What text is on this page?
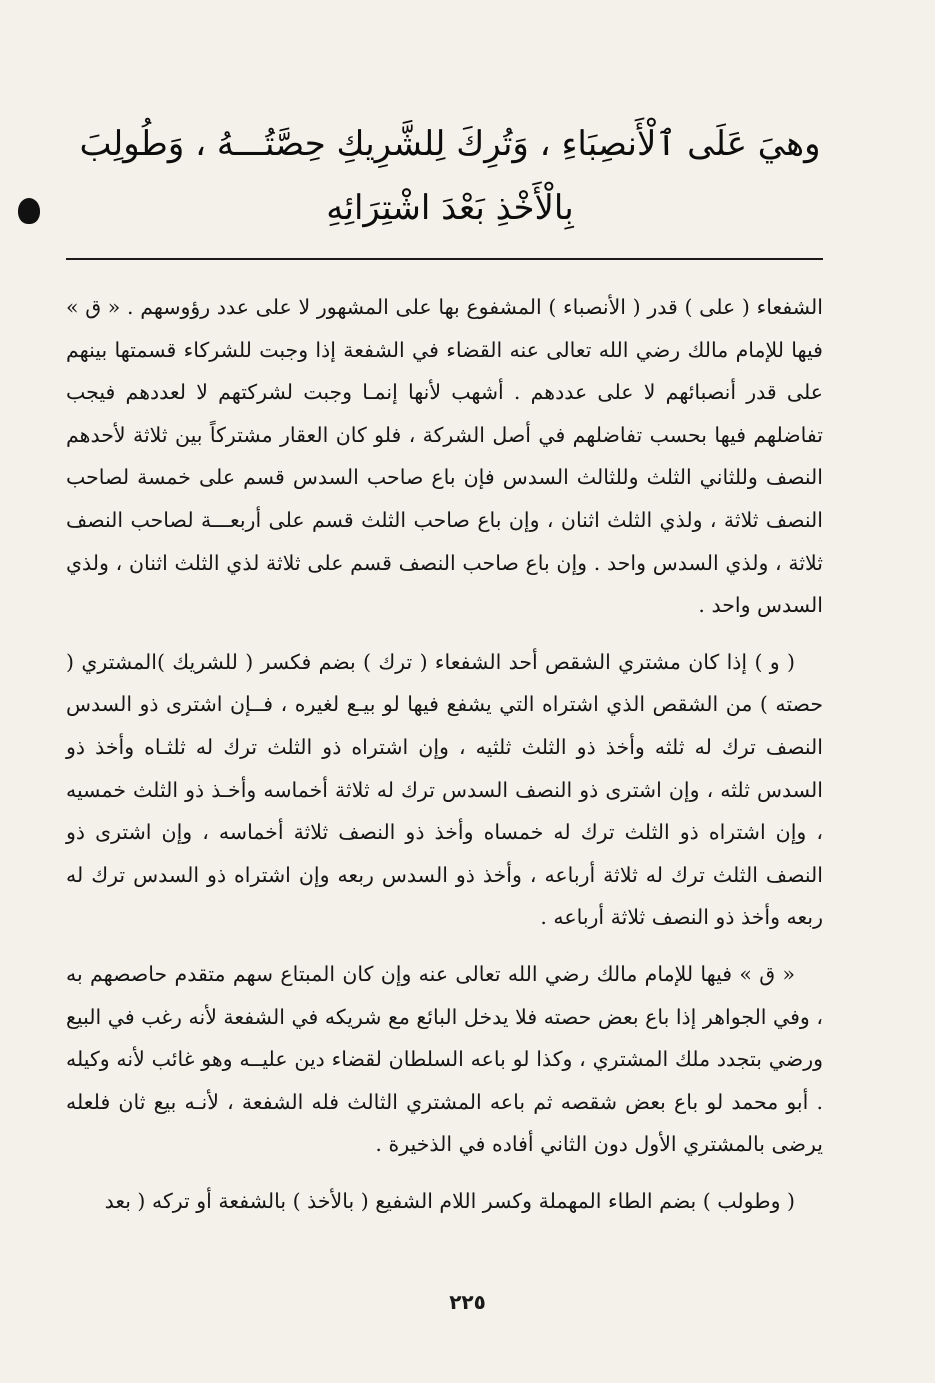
وهيَ عَلَى ٱلْأَنصِبَاءِ ، وَتُرِكَ لِلشَّرِيكِ حِصَّتُـــهُ ، وَطُولِبَ
بِالْأَخْذِ بَعْدَ اشْتِرَائِهِ

الشفعاء ( على ) قدر ( الأنصباء ) المشفوع بها على المشهور لا على عدد رؤوسهم . « ق » فيها للإمام مالك رضي الله تعالى عنه القضاء في الشفعة إذا وجبت للشركاء قسمتها بينهم على قدر أنصبائهم لا على عددهم . أشهب لأنها إنمـا وجبت لشركتهم لا لعددهم فيجب تفاضلهم فيها بحسب تفاضلهم في أصل الشركة ، فلو كان العقار مشتركاً بين ثلاثة لأحدهم النصف وللثاني الثلث وللثالث السدس فإن باع صاحب السدس قسم على خمسة لصاحب النصف ثلاثة ، ولذي الثلث اثنان ، وإن باع صاحب الثلث قسم على أربعـــة لصاحب النصف ثلاثة ، ولذي السدس واحد . وإن باع صاحب النصف قسم على ثلاثة لذي الثلث اثنان ، ولذي السدس واحد .

( و ) إذا كان مشتري الشقص أحد الشفعاء ( ترك ) بضم فكسر ( للشريك )المشتري ( حصته ) من الشقص الذي اشتراه التي يشفع فيها لو بيـع لغيره ، فــإن اشترى ذو السدس النصف ترك له ثلثه وأخذ ذو الثلث ثلثيه ، وإن اشتراه ذو الثلث ترك له ثلثـاه وأخذ ذو السدس ثلثه ، وإن اشترى ذو النصف السدس ترك له ثلاثة أخماسه وأخـذ ذو الثلث خمسيه ، وإن اشتراه ذو الثلث ترك له خمساه وأخذ ذو النصف ثلاثة أخماسه ، وإن اشترى ذو النصف الثلث ترك له ثلاثة أرباعه ، وأخذ ذو السدس ربعه وإن اشتراه ذو السدس ترك له ربعه وأخذ ذو النصف ثلاثة أرباعه .

« ق » فيها للإمام مالك رضي الله تعالى عنه وإن كان المبتاع سهم متقدم حاصصهم به ، وفي الجواهر إذا باع بعض حصته فلا يدخل البائع مع شريكه في الشفعة لأنه رغب في البيع ورضي بتجدد ملك المشتري ، وكذا لو باعه السلطان لقضاء دين عليــه وهو غائب لأنه وكيله . أبو محمد لو باع بعض شقصه ثم باعه المشتري الثالث فله الشفعة ، لأنـه بيع ثان فلعله يرضى بالمشتري الأول دون الثاني أفاده في الذخيرة .

( وطولب ) بضم الطاء المهملة وكسر اللام الشفيع ( بالأخذ ) بالشفعة أو تركه ( بعد

٢٢٥
